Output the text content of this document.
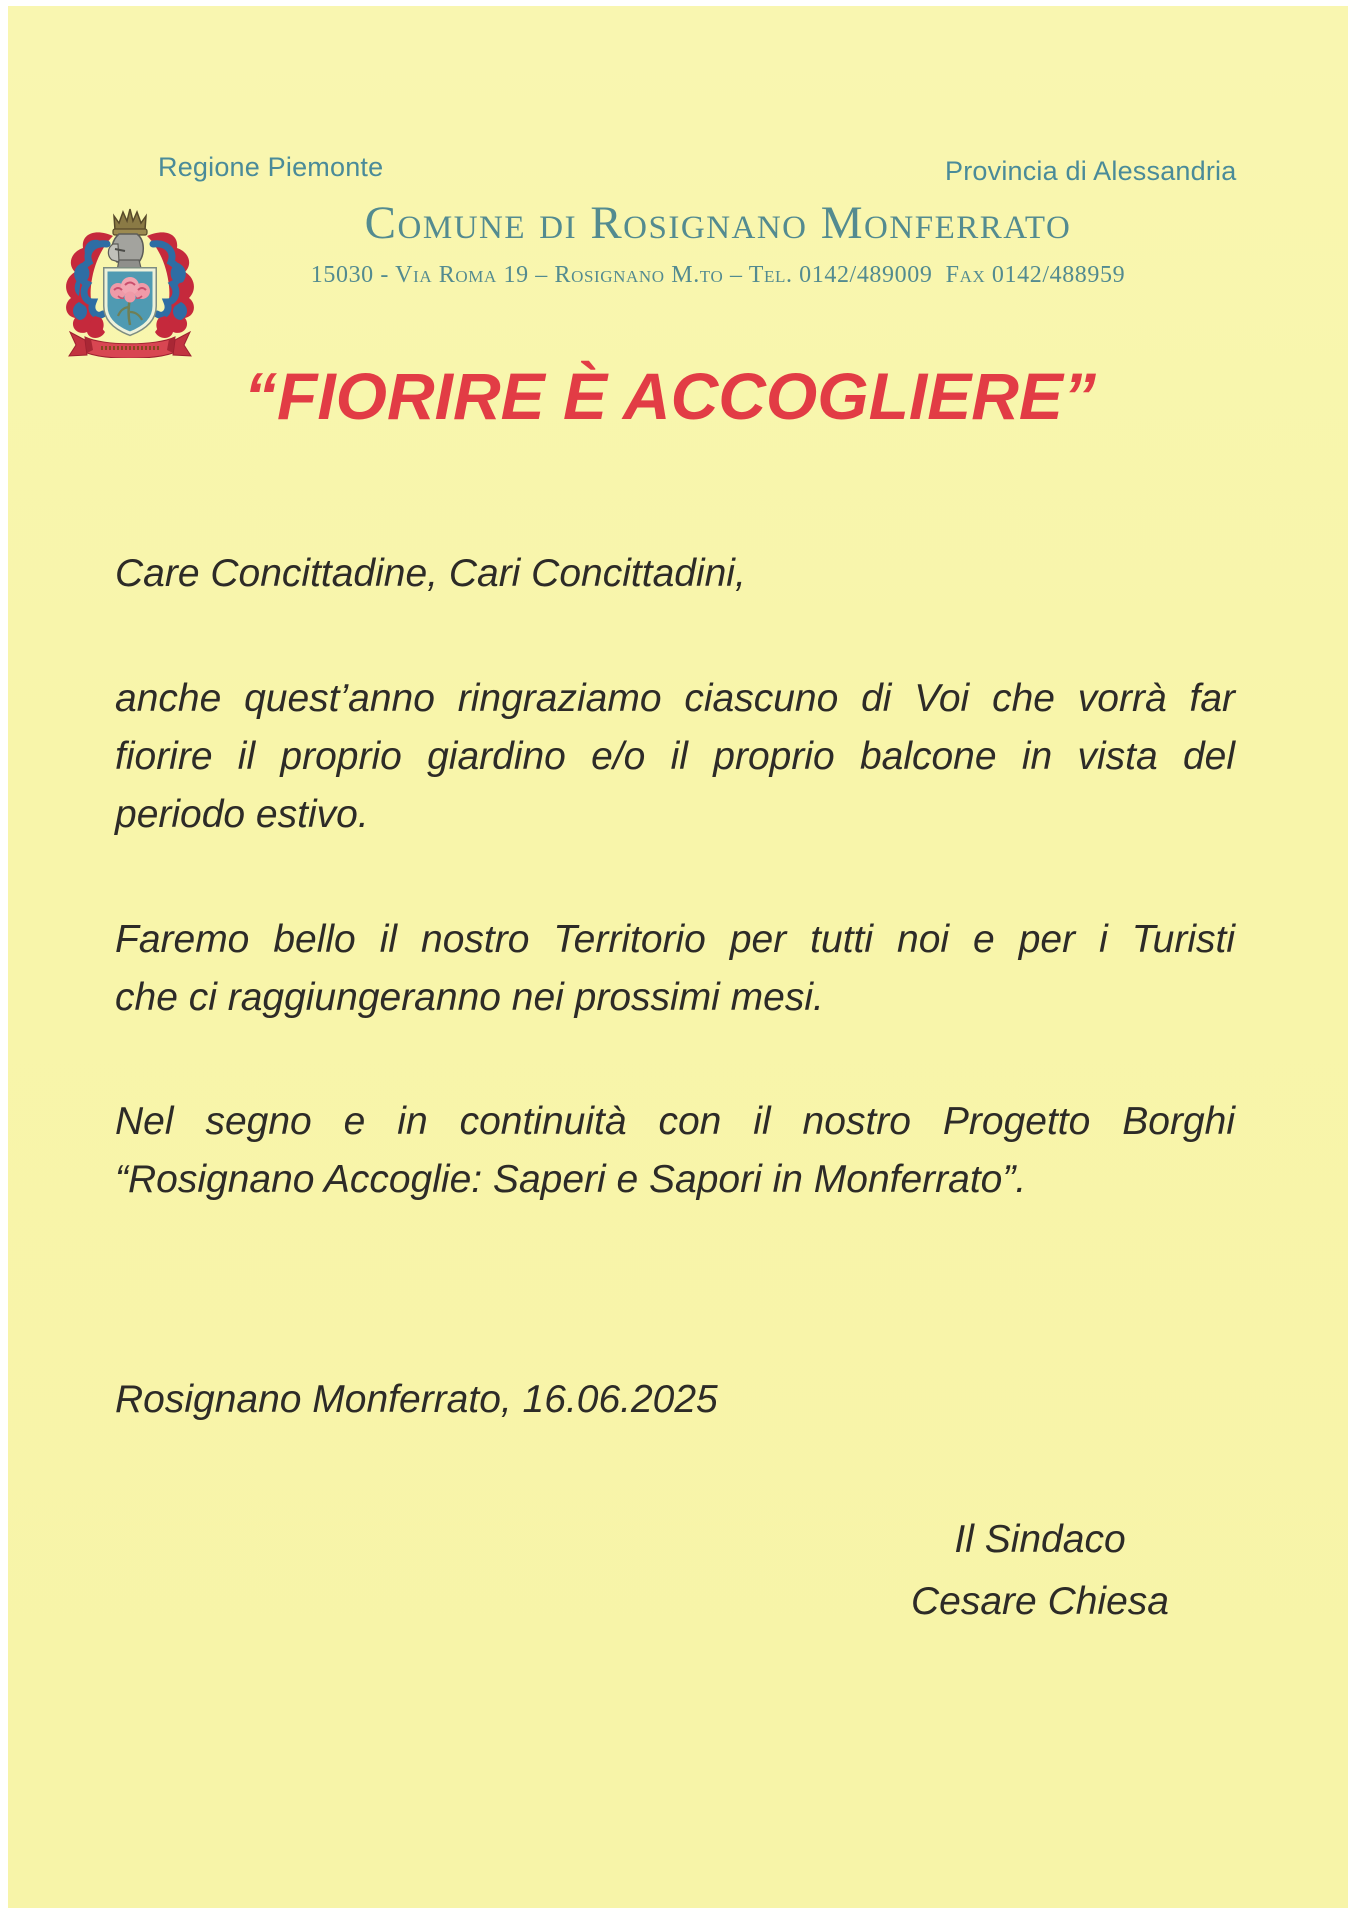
Regione Piemonte	Provincia di Alessandria
Comune di Rosignano Monferrato
15030 - Via Roma 19 – Rosignano M.to – Tel. 0142/489009  Fax 0142/488959
“FIORIRE È ACCOGLIERE”
Care Concittadine, Cari Concittadini,
anche quest’anno ringraziamo ciascuno di Voi che vorrà far
fiorire il proprio giardino e/o il proprio balcone in vista del
periodo estivo.
Faremo bello il nostro Territorio per tutti noi e per i Turisti
che ci raggiungeranno nei prossimi mesi.
Nel segno e in continuità con il nostro Progetto Borghi
“Rosignano Accoglie: Saperi e Sapori in Monferrato”.
Rosignano Monferrato, 16.06.2025
Il Sindaco
Cesare Chiesa
